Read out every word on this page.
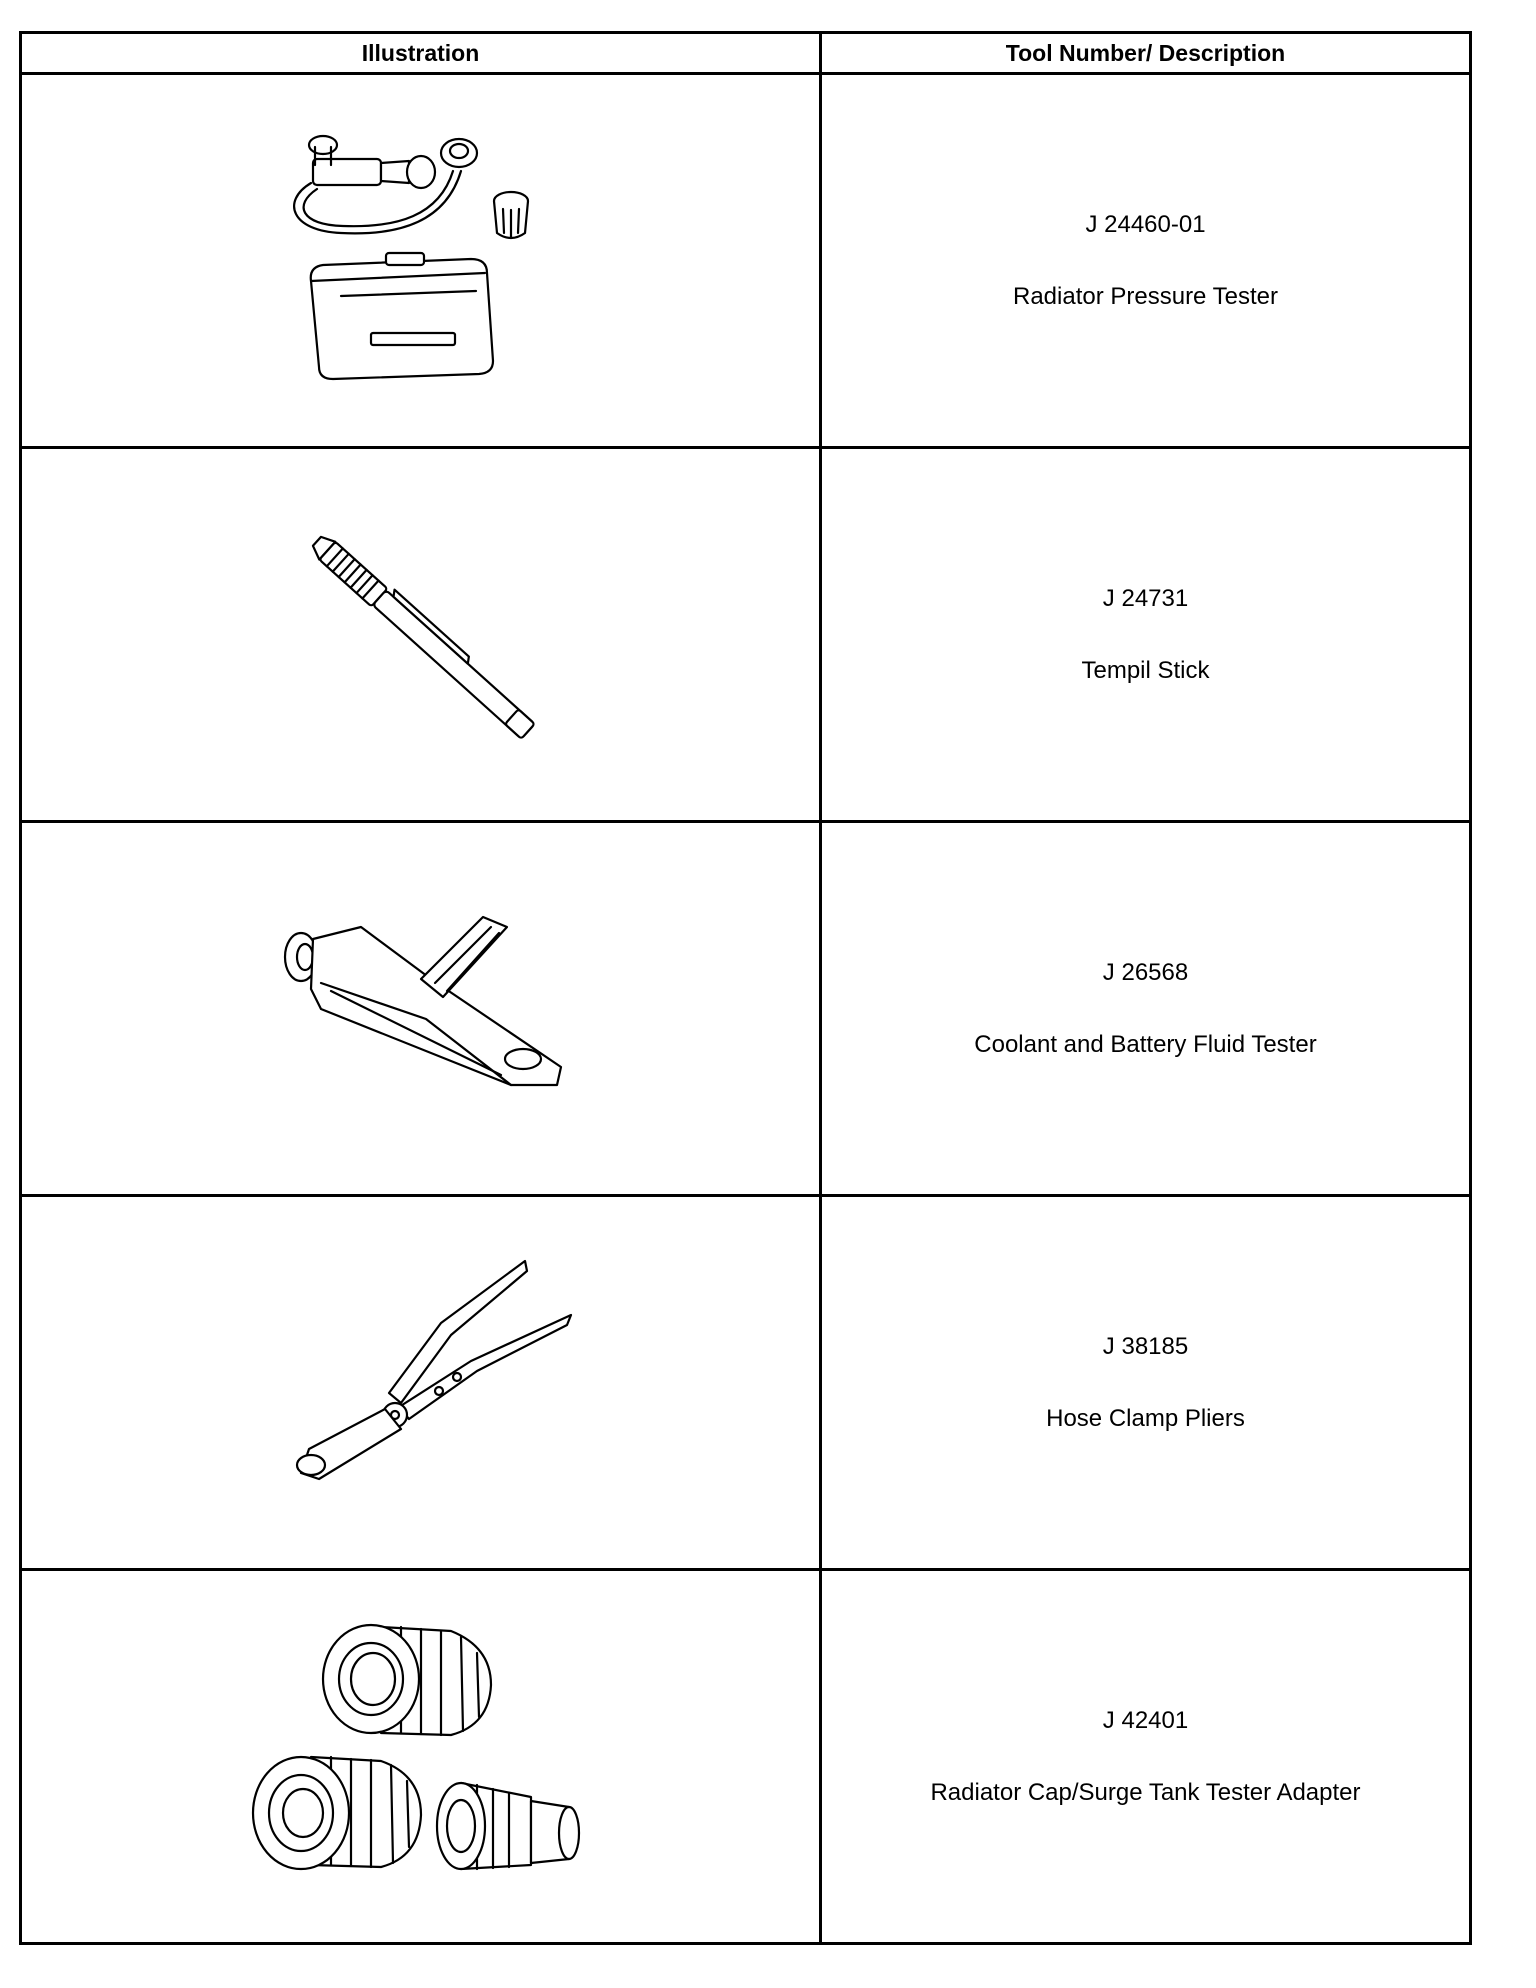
Illustration	Tool Number/ Description

J 24460-01
Radiator Pressure Tester

J 24731
Tempil Stick

J 26568
Coolant and Battery Fluid Tester

J 38185
Hose Clamp Pliers

J 42401
Radiator Cap/Surge Tank Tester Adapter
